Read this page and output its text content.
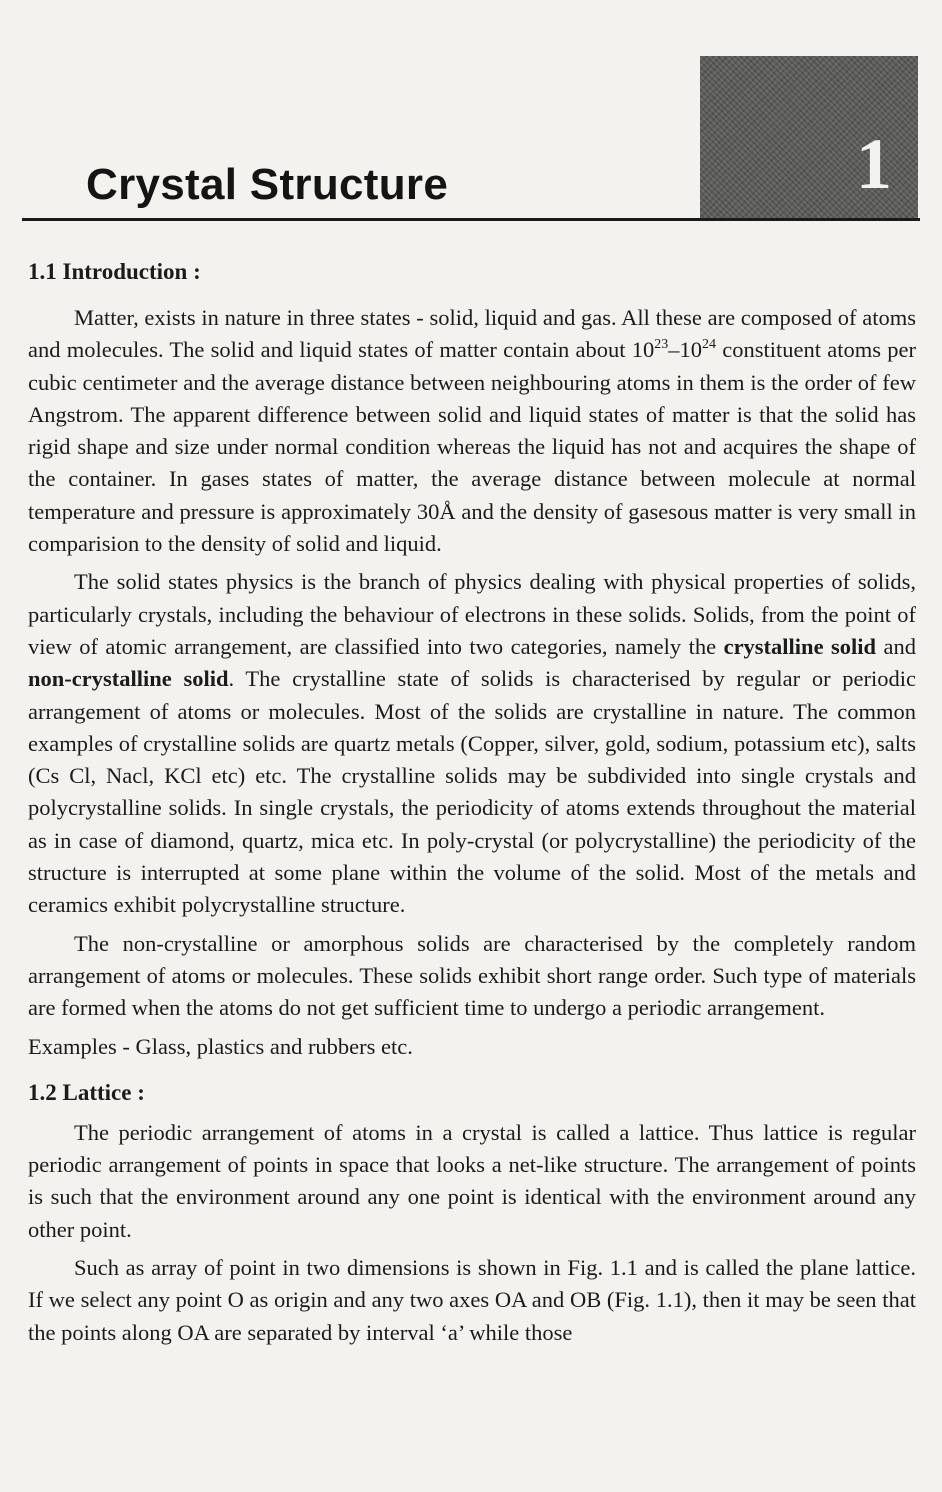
Crystal Structure	1
1.1 Introduction :

Matter, exists in nature in three states - solid, liquid and gas. All these are composed of atoms and molecules. The solid and liquid states of matter contain about $10^{23}-10^{24}$ constituent atoms per cubic centimeter and the average distance between neighbouring atoms in them is the order of few Angstrom. The apparent difference between solid and liquid states of matter is that the solid has rigid shape and size under normal condition whereas the liquid has not and acquires the shape of the container. In gases states of matter, the average distance between molecule at normal temperature and pressure is approximately 30Å and the density of gasesous matter is very small in comparision to the density of solid and liquid.

The solid states physics is the branch of physics dealing with physical properties of solids, particularly crystals, including the behaviour of electrons in these solids. Solids, from the point of view of atomic arrangement, are classified into two categories, namely the crystalline solid and non-crystalline solid. The crystalline state of solids is characterised by regular or periodic arrangement of atoms or molecules. Most of the solids are crystalline in nature. The common examples of crystalline solids are quartz metals (Copper, silver, gold, sodium, potassium etc), salts (Cs Cl, Nacl, KCl etc) etc. The crystalline solids may be subdivided into single crystals and polycrystalline solids. In single crystals, the periodicity of atoms extends throughout the material as in case of diamond, quartz, mica etc. In poly-crystal (or polycrystalline) the periodicity of the structure is interrupted at some plane within the volume of the solid. Most of the metals and ceramics exhibit polycrystalline structure.

The non-crystalline or amorphous solids are characterised by the completely random arrangement of atoms or molecules. These solids exhibit short range order. Such type of materials are formed when the atoms do not get sufficient time to undergo a periodic arrangement.

Examples - Glass, plastics and rubbers etc.

1.2 Lattice :

The periodic arrangement of atoms in a crystal is called a lattice. Thus lattice is regular periodic arrangement of points in space that looks a net-like structure. The arrangement of points is such that the environment around any one point is identical with the environment around any other point.

Such as array of point in two dimensions is shown in Fig. 1.1 and is called the plane lattice. If we select any point O as origin and any two axes OA and OB (Fig. 1.1), then it may be seen that the points along OA are separated by interval ‘a’ while those
